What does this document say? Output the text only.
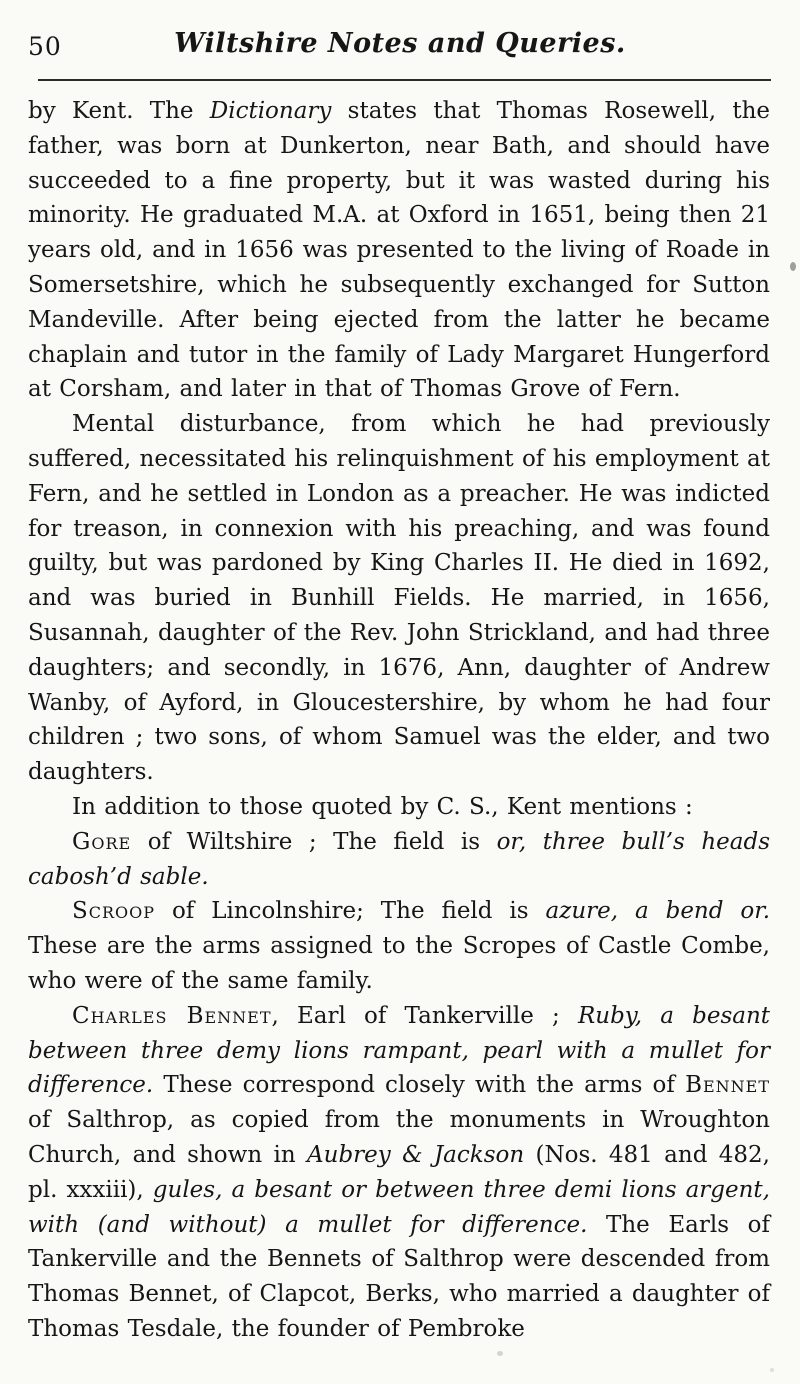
50	Wiltshire Notes and Queries.

by Kent. The Dictionary states that Thomas Rosewell, the father, was born at Dunkerton, near Bath, and should have succeeded to a fine property, but it was wasted during his minority. He graduated M.A. at Oxford in 1651, being then 21 years old, and in 1656 was presented to the living of Roade in Somersetshire, which he subsequently exchanged for Sutton Mandeville. After being ejected from the latter he became chaplain and tutor in the family of Lady Margaret Hungerford at Corsham, and later in that of Thomas Grove of Fern.

Mental disturbance, from which he had previously suffered, necessitated his relinquishment of his employment at Fern, and he settled in London as a preacher. He was indicted for treason, in connexion with his preaching, and was found guilty, but was pardoned by King Charles II. He died in 1692, and was buried in Bunhill Fields. He married, in 1656, Susannah, daughter of the Rev. John Strickland, and had three daughters; and secondly, in 1676, Ann, daughter of Andrew Wanby, of Ayford, in Gloucestershire, by whom he had four children ; two sons, of whom Samuel was the elder, and two daughters.

In addition to those quoted by C. S., Kent mentions :

Gore of Wiltshire ; The field is or, three bull’s heads cabosh’d sable.

Scroop of Lincolnshire; The field is azure, a bend or. These are the arms assigned to the Scropes of Castle Combe, who were of the same family.

Charles Bennet, Earl of Tankerville ; Ruby, a besant between three demy lions rampant, pearl with a mullet for difference. These correspond closely with the arms of Bennet of Salthrop, as copied from the monuments in Wroughton Church, and shown in Aubrey & Jackson (Nos. 481 and 482, pl. xxxiii), gules, a besant or between three demi lions argent, with (and without) a mullet for difference. The Earls of Tankerville and the Bennets of Salthrop were descended from Thomas Bennet, of Clapcot, Berks, who married a daughter of Thomas Tesdale, the founder of Pembroke
